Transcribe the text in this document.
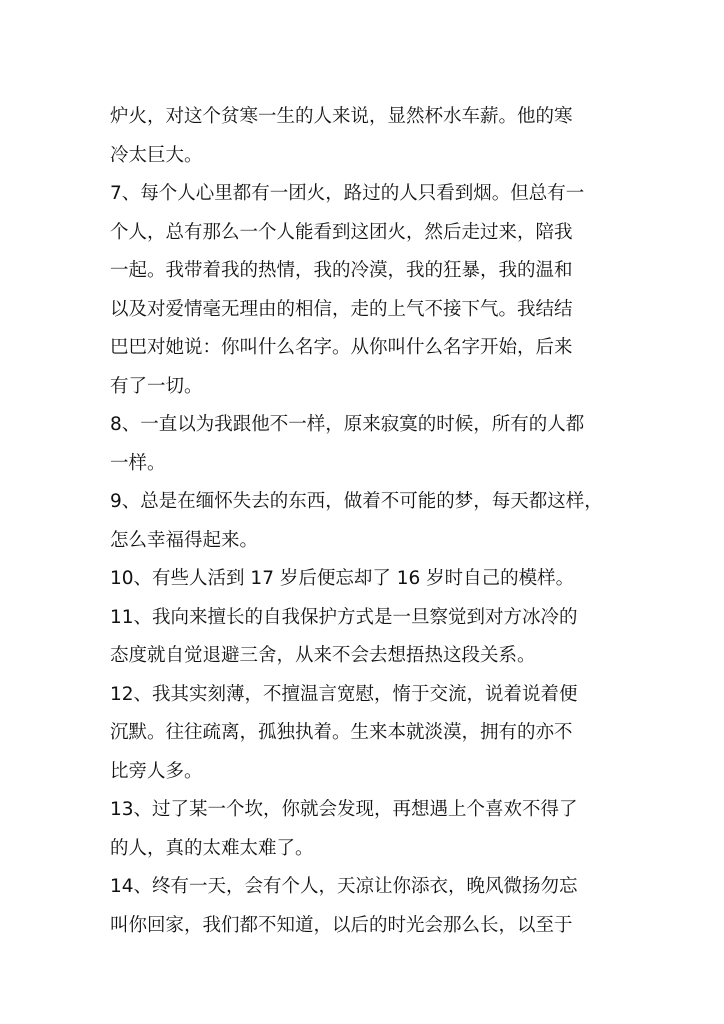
炉火，对这个贫寒一生的人来说，显然杯水车薪。他的寒
冷太巨大。
7、每个人心里都有一团火，路过的人只看到烟。但总有一
个人，总有那么一个人能看到这团火，然后走过来，陪我
一起。我带着我的热情，我的冷漠，我的狂暴，我的温和
以及对爱情毫无理由的相信，走的上气不接下气。我结结
巴巴对她说：你叫什么名字。从你叫什么名字开始，后来
有了一切。
8、一直以为我跟他不一样，原来寂寞的时候，所有的人都
一样。
9、总是在缅怀失去的东西，做着不可能的梦，每天都这样，
怎么幸福得起来。
10、有些人活到 17 岁后便忘却了 16 岁时自己的模样。
11、我向来擅长的自我保护方式是一旦察觉到对方冰冷的
态度就自觉退避三舍，从来不会去想捂热这段关系。
12、我其实刻薄，不擅温言宽慰，惰于交流，说着说着便
沉默。往往疏离，孤独执着。生来本就淡漠，拥有的亦不
比旁人多。
13、过了某一个坎，你就会发现，再想遇上个喜欢不得了
的人，真的太难太难了。
14、终有一天，会有个人，天凉让你添衣，晚风微扬勿忘
叫你回家，我们都不知道，以后的时光会那么长，以至于
